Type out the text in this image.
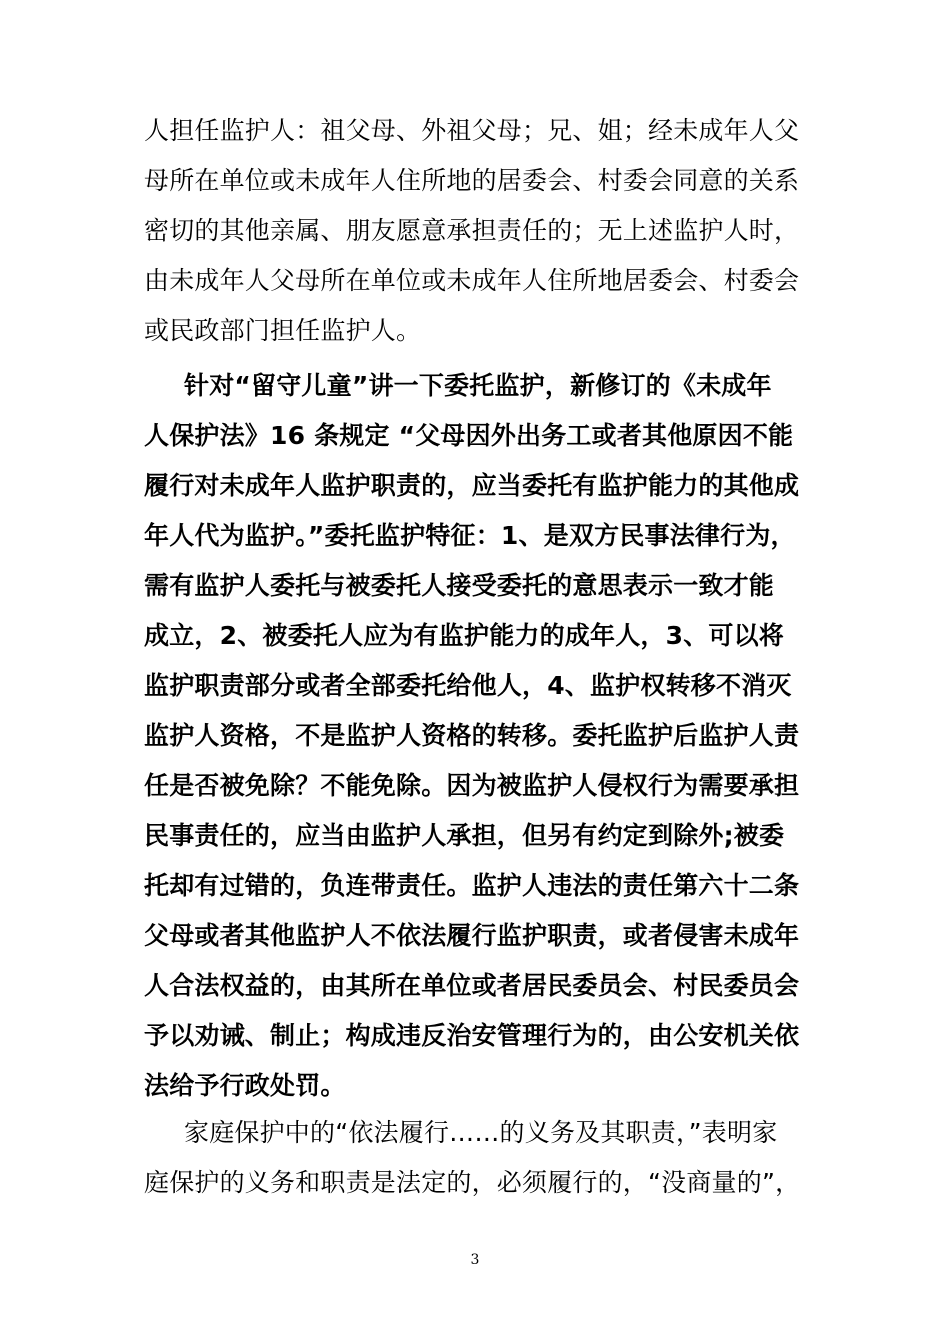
人担任监护人：祖父母、外祖父母；兄、姐；经未成年人父
母所在单位或未成年人住所地的居委会、村委会同意的关系
密切的其他亲属、朋友愿意承担责任的；无上述监护人时，
由未成年人父母所在单位或未成年人住所地居委会、村委会
或民政部门担任监护人。
针对“留守儿童”讲一下委托监护，新修订的《未成年
人保护法》16 条规定 “父母因外出务工或者其他原因不能
履行对未成年人监护职责的，应当委托有监护能力的其他成
年人代为监护。”委托监护特征：1、是双方民事法律行为，
需有监护人委托与被委托人接受委托的意思表示一致才能
成立，2、被委托人应为有监护能力的成年人，3、可以将
监护职责部分或者全部委托给他人，4、监护权转移不消灭
监护人资格，不是监护人资格的转移。委托监护后监护人责
任是否被免除？不能免除。因为被监护人侵权行为需要承担
民事责任的，应当由监护人承担，但另有约定到除外;被委
托却有过错的，负连带责任。监护人违法的责任第六十二条
父母或者其他监护人不依法履行监护职责，或者侵害未成年
人合法权益的，由其所在单位或者居民委员会、村民委员会
予以劝诫、制止；构成违反治安管理行为的，由公安机关依
法给予行政处罚。
家庭保护中的“依法履行……的义务及其职责，”表明家
庭保护的义务和职责是法定的，必须履行的，“没商量的”，
3
